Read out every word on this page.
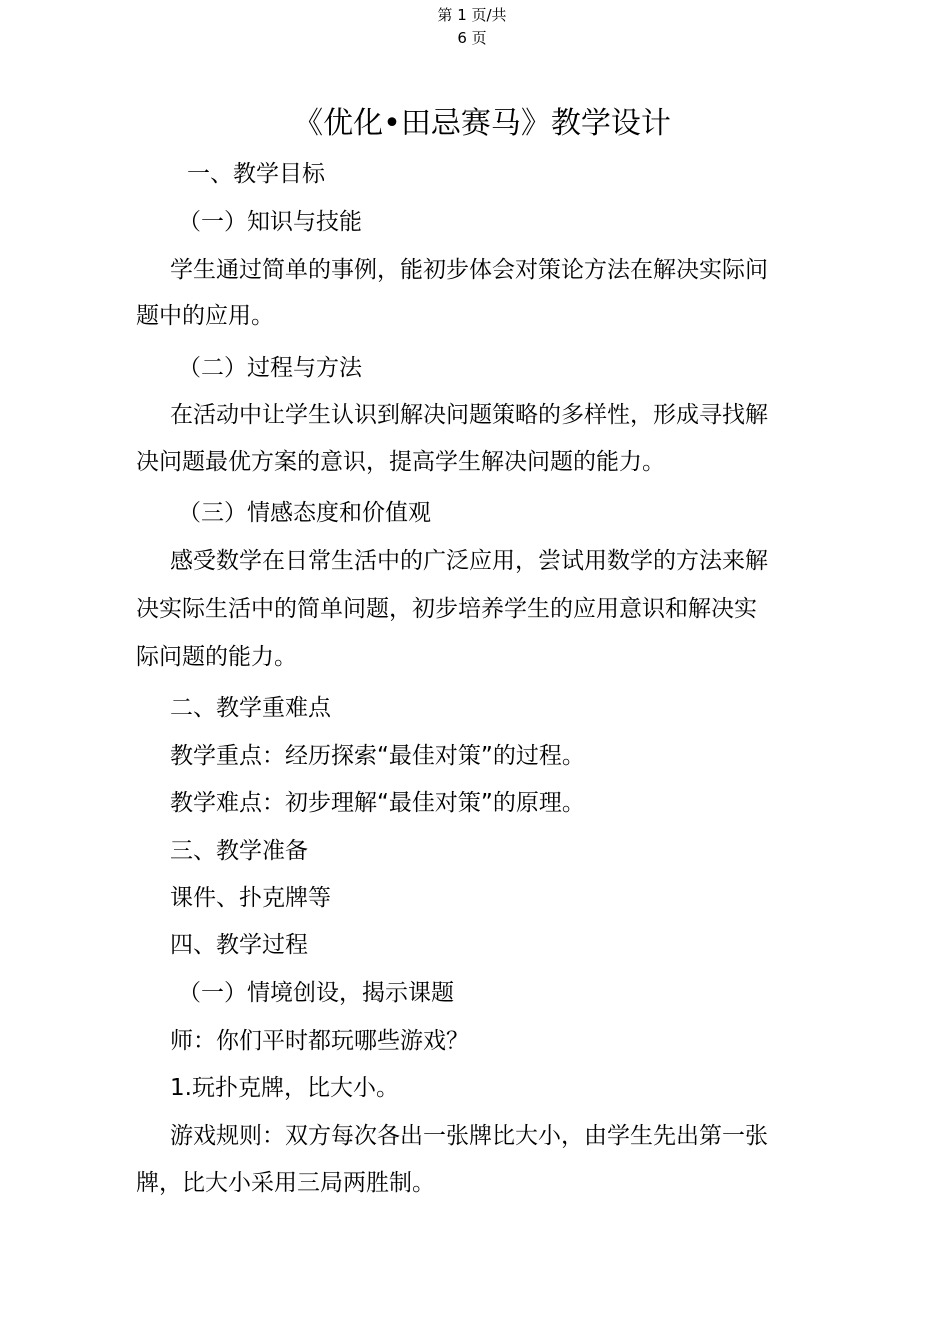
第 1 页/共
6 页
《优化•田忌赛马》教学设计
一、教学目标
（一）知识与技能
学生通过简单的事例，能初步体会对策论方法在解决实际问
题中的应用。
（二）过程与方法
在活动中让学生认识到解决问题策略的多样性，形成寻找解
决问题最优方案的意识，提高学生解决问题的能力。
（三）情感态度和价值观
感受数学在日常生活中的广泛应用，尝试用数学的方法来解
决实际生活中的简单问题，初步培养学生的应用意识和解决实
际问题的能力。
二、教学重难点
教学重点：经历探索“最佳对策”的过程。
教学难点：初步理解“最佳对策”的原理。
三、教学准备
课件、扑克牌等
四、教学过程
（一）情境创设，揭示课题
师：你们平时都玩哪些游戏？
1.玩扑克牌，比大小。
游戏规则：双方每次各出一张牌比大小，由学生先出第一张
牌，比大小采用三局两胜制。
